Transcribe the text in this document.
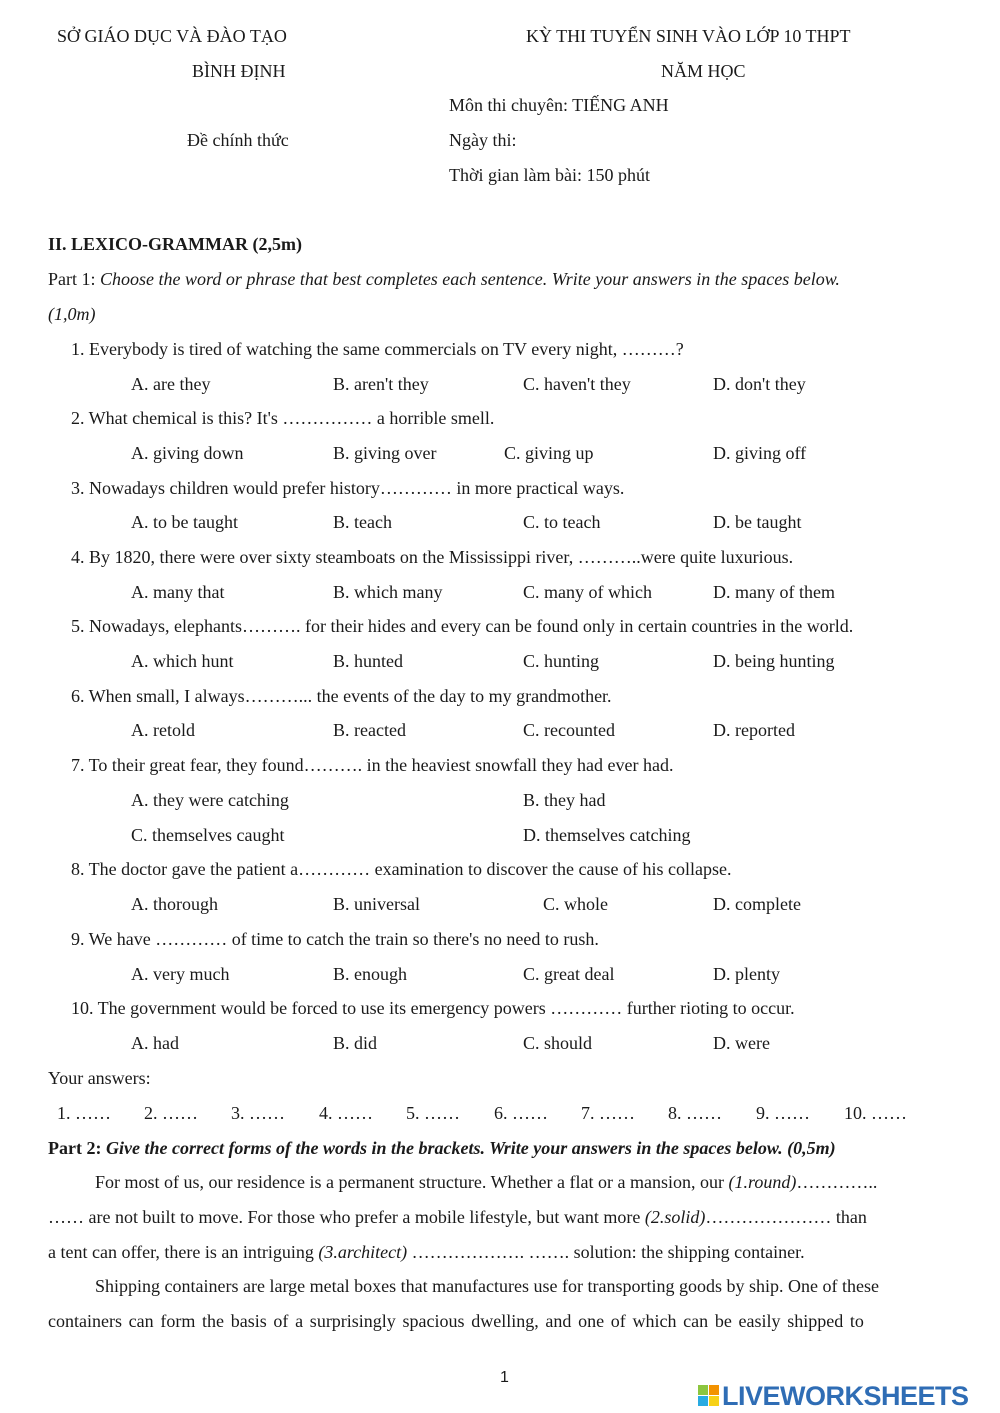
SỞ GIÁO DỤC VÀ ĐÀO TẠO
BÌNH ĐỊNH
Đề chính thức
KỲ THI TUYỂN SINH VÀO LỚP 10 THPT
NĂM HỌC
Môn thi chuyên: TIẾNG ANH
Ngày thi:
Thời gian làm bài: 150 phút
II. LEXICO-GRAMMAR (2,5m)
Part 1: Choose the word or phrase that best completes each sentence. Write your answers in the spaces below.
(1,0m)
1. Everybody is tired of watching the same commercials on TV every night, ………?
A. are they	B. aren't they	C. haven't they	D. don't they
2. What chemical is this? It's …………… a horrible smell.
A. giving down	B. giving over	C. giving up	D. giving off
3. Nowadays children would prefer history………… in more practical ways.
A. to be taught	B. teach	C. to teach	D. be taught
4. By 1820, there were over sixty steamboats on the Mississippi river, ………..were quite luxurious.
A. many that	B. which many	C. many of which	D. many of them
5. Nowadays, elephants………. for their hides and every can be found only in certain countries in the world.
A. which hunt	B. hunted	C. hunting	D. being hunting
6. When small, I always………... the events of the day to my grandmother.
A. retold	B. reacted	C. recounted	D. reported
7. To their great fear, they found………. in the heaviest snowfall they had ever had.
A. they were catching	B. they had
C. themselves caught	D. themselves catching
8. The doctor gave the patient a………… examination to discover the cause of his collapse.
A. thorough	B. universal	C. whole	D. complete
9. We have ………… of time to catch the train so there's no need to rush.
A. very much	B. enough	C. great deal	D. plenty
10. The government would be forced to use its emergency powers ………… further rioting to occur.
A. had	B. did	C. should	D. were
Your answers:
1. …… 2. …… 3. …… 4. …… 5. …… 6. …… 7. …… 8. …… 9. …… 10. ……
Part 2: Give the correct forms of the words in the brackets. Write your answers in the spaces below. (0,5m)
For most of us, our residence is a permanent structure. Whether a flat or a mansion, our (1.round)…………..
…… are not built to move. For those who prefer a mobile lifestyle, but want more (2.solid)………………… than
a tent can offer, there is an intriguing (3.architect) ………………. ……. solution: the shipping container.
Shipping containers are large metal boxes that manufactures use for transporting goods by ship. One of these
containers can form the basis of a surprisingly spacious dwelling, and one of which can be easily shipped to
1
LIVEWORKSHEETS
